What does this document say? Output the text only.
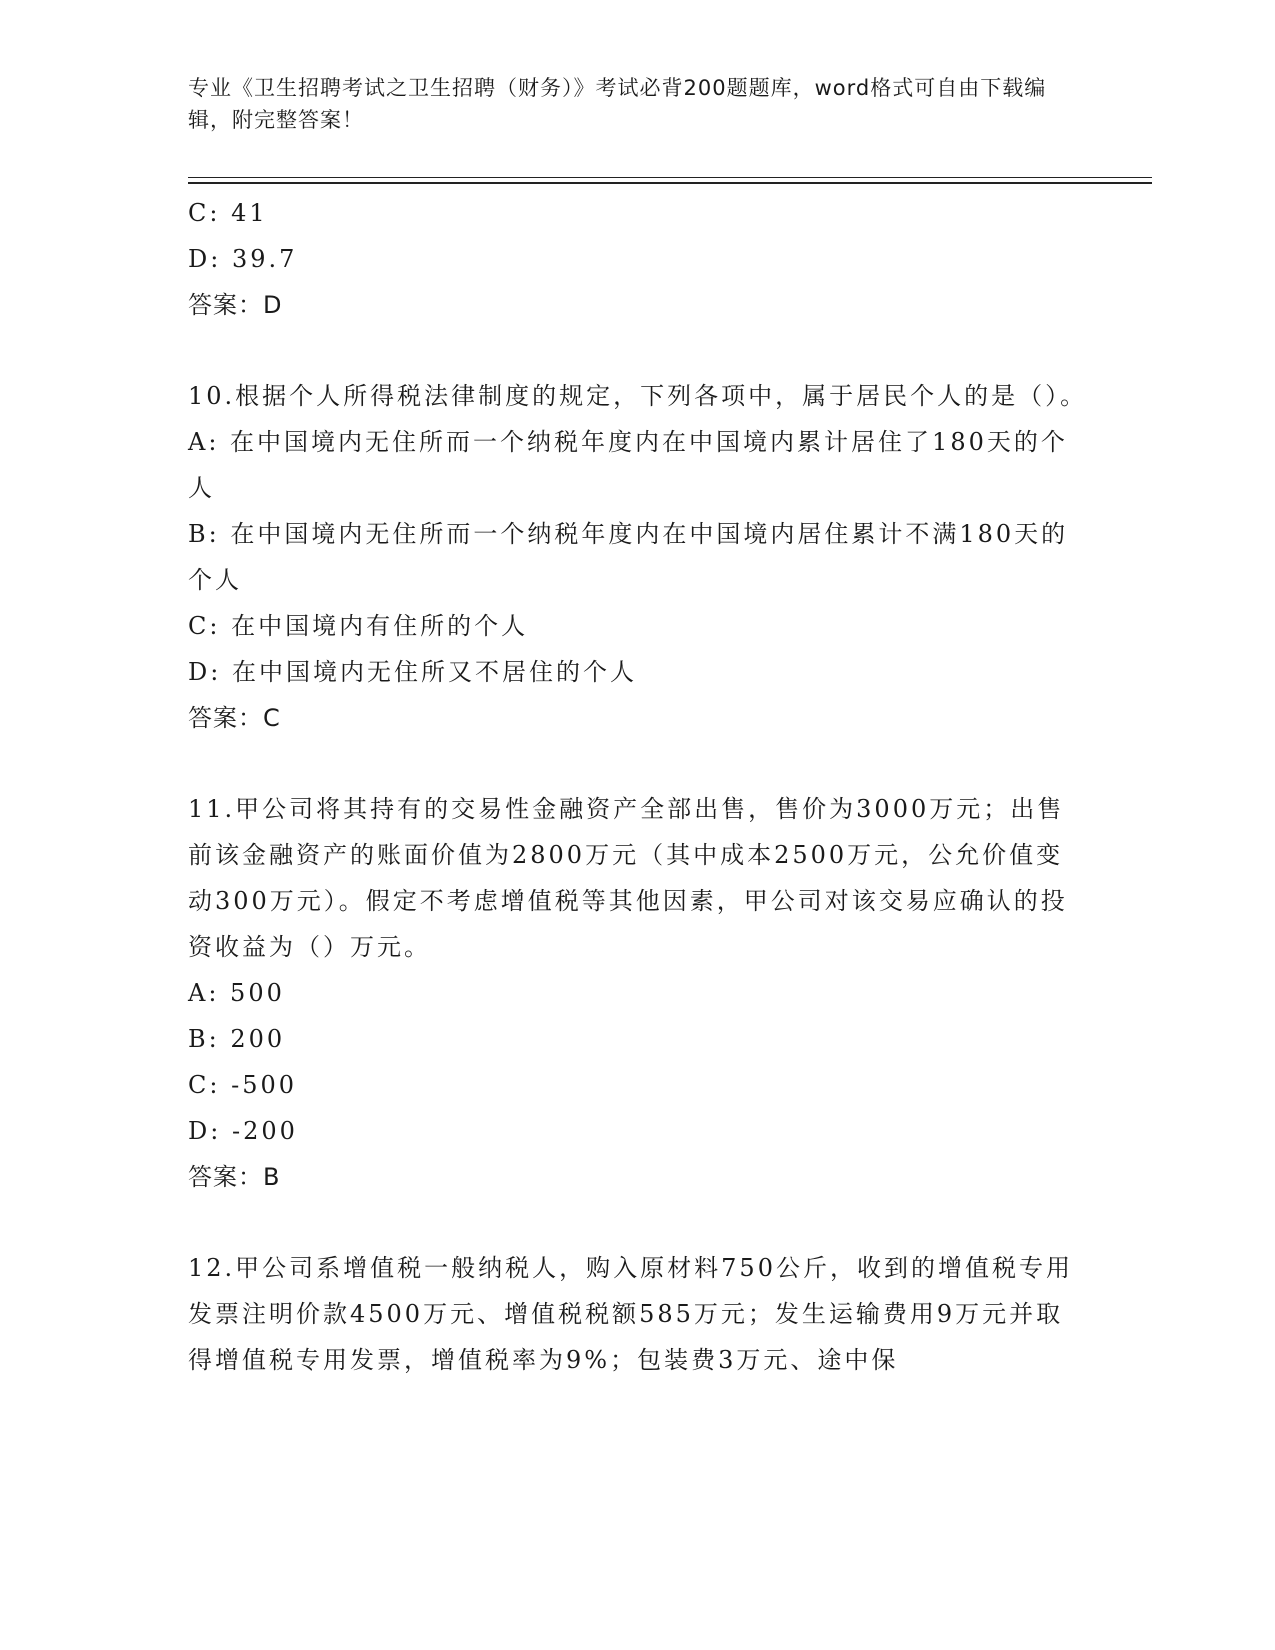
专业《卫生招聘考试之卫生招聘（财务）》考试必背200题题库，word格式可自由下载编辑，附完整答案！
C: 41
D: 39.7
答案：D
10.根据个人所得税法律制度的规定，下列各项中，属于居民个人的是（）。
A: 在中国境内无住所而一个纳税年度内在中国境内累计居住了180天的个人
B: 在中国境内无住所而一个纳税年度内在中国境内居住累计不满180天的个人
C: 在中国境内有住所的个人
D: 在中国境内无住所又不居住的个人
答案：C
11.甲公司将其持有的交易性金融资产全部出售，售价为3000万元；出售前该金融资产的账面价值为2800万元（其中成本2500万元，公允价值变动300万元）。假定不考虑增值税等其他因素，甲公司对该交易应确认的投资收益为（）万元。
A: 500
B: 200
C: -500
D: -200
答案：B
12.甲公司系增值税一般纳税人，购入原材料750公斤，收到的增值税专用发票注明价款4500万元、增值税税额585万元；发生运输费用9万元并取得增值税专用发票，增值税率为9%；包装费3万元、途中保
